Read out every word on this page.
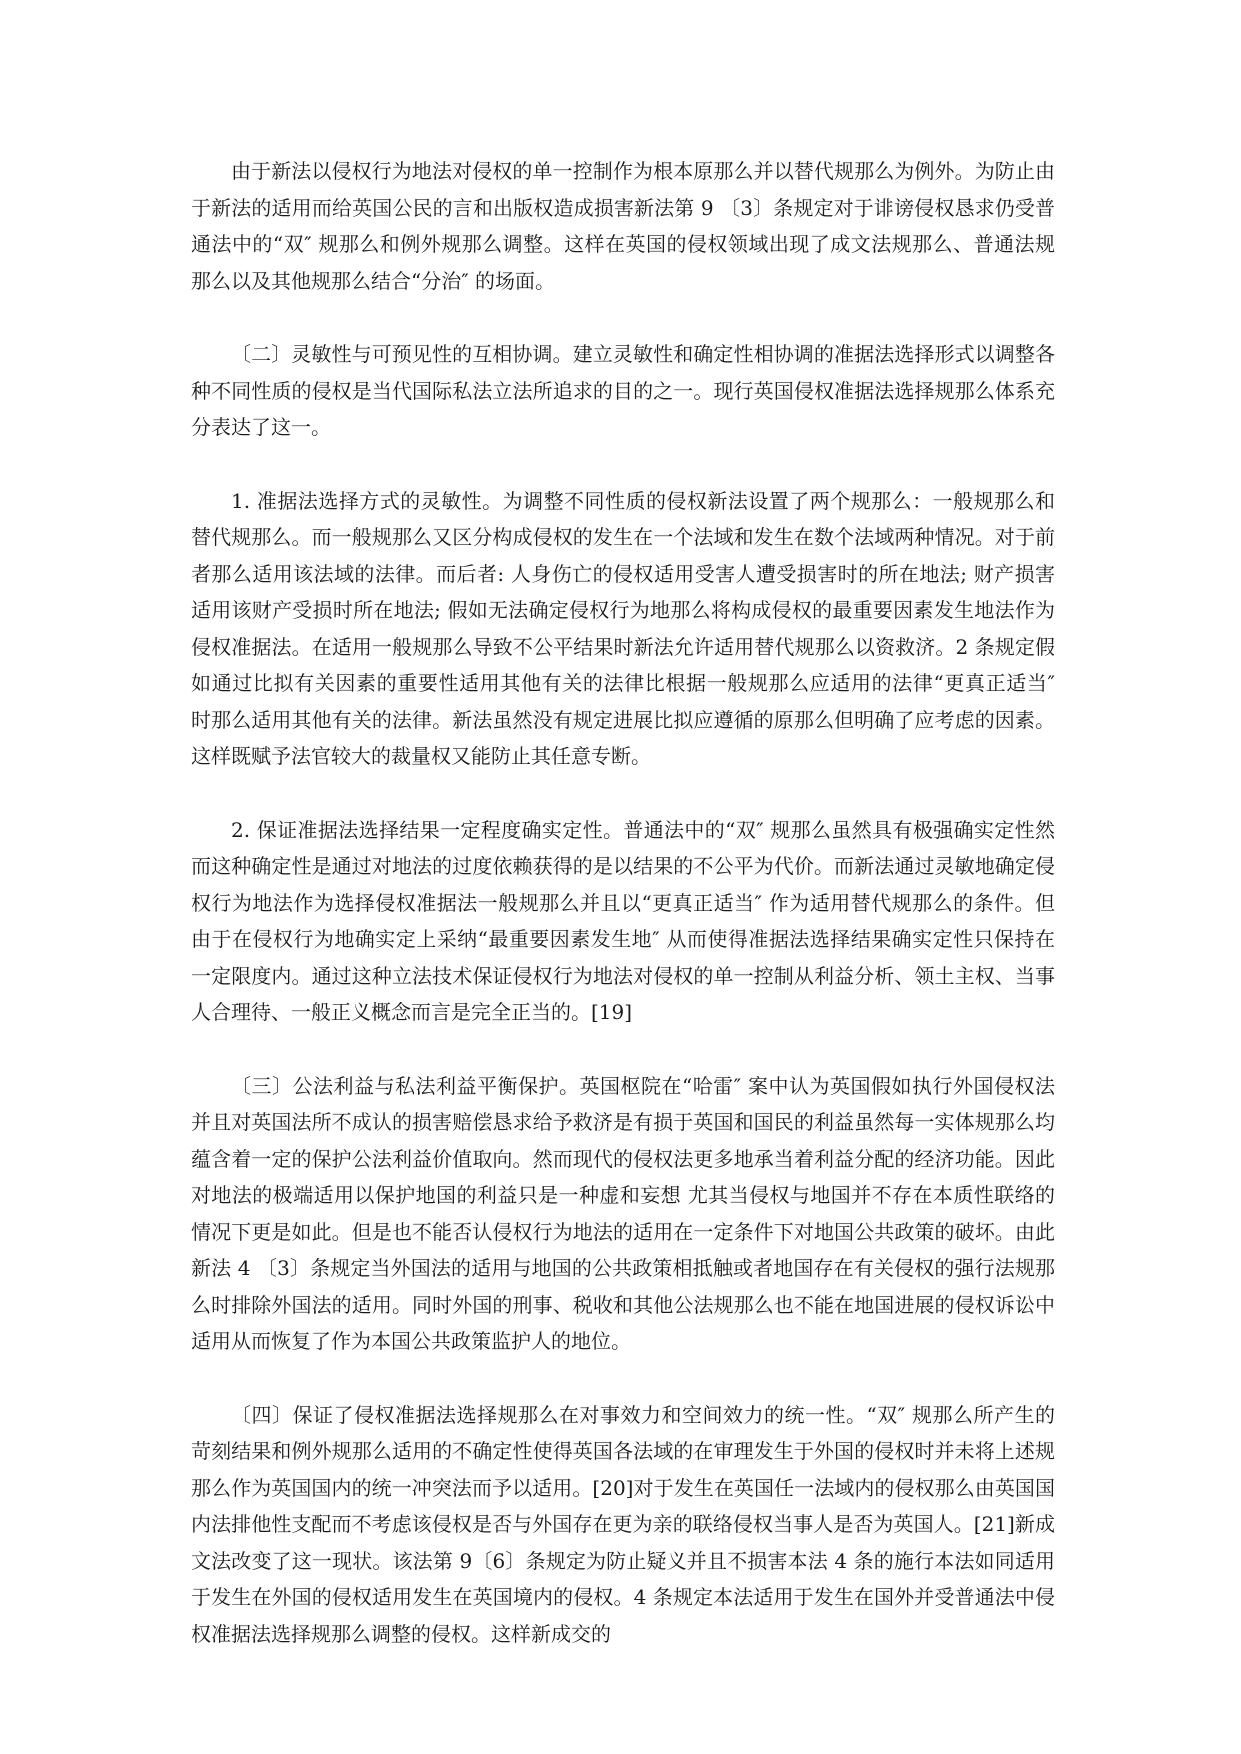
由于新法以侵权行为地法对侵权的单一控制作为根本原那么并以替代规那么为例外。为防止由于新法的适用而给英国公民的言和出版权造成损害新法第 9 〔3〕条规定对于诽谤侵权恳求仍受普通法中的“双″ 规那么和例外规那么调整。这样在英国的侵权领域出现了成文法规那么、普通法规那么以及其他规那么结合“分治″ 的场面。

〔二〕灵敏性与可预见性的互相协调。建立灵敏性和确定性相协调的准据法选择形式以调整各种不同性质的侵权是当代国际私法立法所追求的目的之一。现行英国侵权准据法选择规那么体系充分表达了这一。

1. 准据法选择方式的灵敏性。为调整不同性质的侵权新法设置了两个规那么：一般规那么和替代规那么。而一般规那么又区分构成侵权的发生在一个法域和发生在数个法域两种情况。对于前者那么适用该法域的法律。而后者: 人身伤亡的侵权适用受害人遭受损害时的所在地法; 财产损害适用该财产受损时所在地法; 假如无法确定侵权行为地那么将构成侵权的最重要因素发生地法作为侵权准据法。在适用一般规那么导致不公平结果时新法允许适用替代规那么以资救济。2 条规定假如通过比拟有关因素的重要性适用其他有关的法律比根据一般规那么应适用的法律“更真正适当″ 时那么适用其他有关的法律。新法虽然没有规定进展比拟应遵循的原那么但明确了应考虑的因素。这样既赋予法官较大的裁量权又能防止其任意专断。

2. 保证准据法选择结果一定程度确实定性。普通法中的“双″ 规那么虽然具有极强确实定性然而这种确定性是通过对地法的过度依赖获得的是以结果的不公平为代价。而新法通过灵敏地确定侵权行为地法作为选择侵权准据法一般规那么并且以“更真正适当″ 作为适用替代规那么的条件。但由于在侵权行为地确实定上采纳“最重要因素发生地″ 从而使得准据法选择结果确实定性只保持在一定限度内。通过这种立法技术保证侵权行为地法对侵权的单一控制从利益分析、领土主权、当事人合理待、一般正义概念而言是完全正当的。[19]

〔三〕公法利益与私法利益平衡保护。英国枢院在“哈雷″ 案中认为英国假如执行外国侵权法并且对英国法所不成认的损害赔偿恳求给予救济是有损于英国和国民的利益虽然每一实体规那么均蕴含着一定的保护公法利益价值取向。然而现代的侵权法更多地承当着利益分配的经济功能。因此对地法的极端适用以保护地国的利益只是一种虚和妄想 尤其当侵权与地国并不存在本质性联络的情况下更是如此。但是也不能否认侵权行为地法的适用在一定条件下对地国公共政策的破坏。由此新法 4 〔3〕条规定当外国法的适用与地国的公共政策相抵触或者地国存在有关侵权的强行法规那么时排除外国法的适用。同时外国的刑事、税收和其他公法规那么也不能在地国进展的侵权诉讼中适用从而恢复了作为本国公共政策监护人的地位。

〔四〕保证了侵权准据法选择规那么在对事效力和空间效力的统一性。“双″ 规那么所产生的苛刻结果和例外规那么适用的不确定性使得英国各法域的在审理发生于外国的侵权时并未将上述规那么作为英国国内的统一冲突法而予以适用。[20]对于发生在英国任一法域内的侵权那么由英国国内法排他性支配而不考虑该侵权是否与外国存在更为亲的联络侵权当事人是否为英国人。[21]新成文法改变了这一现状。该法第 9〔6〕条规定为防止疑义并且不损害本法 4 条的施行本法如同适用于发生在外国的侵权适用发生在英国境内的侵权。4 条规定本法适用于发生在国外并受普通法中侵权准据法选择规那么调整的侵权。这样新成交的
